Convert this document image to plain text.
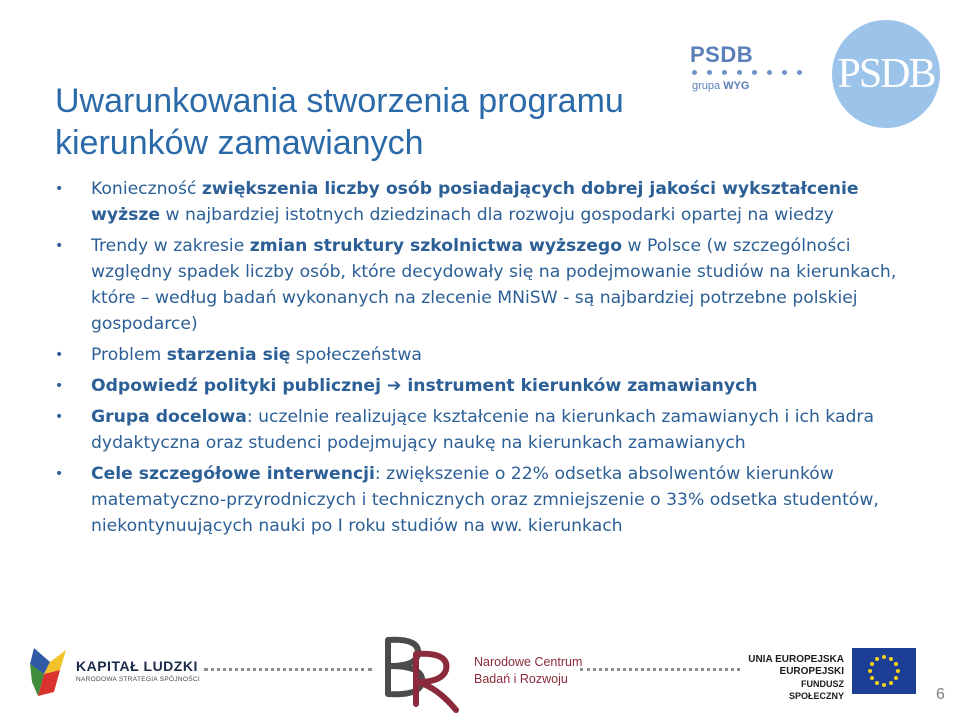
Uwarunkowania stworzenia programu
kierunków zamawianych
PSDB
grupa WYG PSDB
• Konieczność zwiększenia liczby osób posiadających dobrej jakości wykształcenie wyższe w najbardziej istotnych dziedzinach dla rozwoju gospodarki opartej na wiedzy
• Trendy w zakresie zmian struktury szkolnictwa wyższego w Polsce (w szczególności względny spadek liczby osób, które decydowały się na podejmowanie studiów na kierunkach, które – według badań wykonanych na zlecenie MNiSW - są najbardziej potrzebne polskiej gospodarce)
• Problem starzenia się społeczeństwa
• Odpowiedź polityki publicznej ➔ instrument kierunków zamawianych
• Grupa docelowa: uczelnie realizujące kształcenie na kierunkach zamawianych i ich kadra dydaktyczna oraz studenci podejmujący naukę na kierunkach zamawianych
• Cele szczegółowe interwencji: zwiększenie o 22% odsetka absolwentów kierunków matematyczno-przyrodniczych i technicznych oraz zmniejszenie o 33% odsetka studentów, niekontynuujących nauki po I roku studiów na ww. kierunkach
KAPITAŁ LUDZKI
NARODOWA STRATEGIA SPÓJNOŚCI
Narodowe Centrum
Badań i Rozwoju
UNIA EUROPEJSKA
EUROPEJSKI
FUNDUSZ SPOŁECZNY	6
